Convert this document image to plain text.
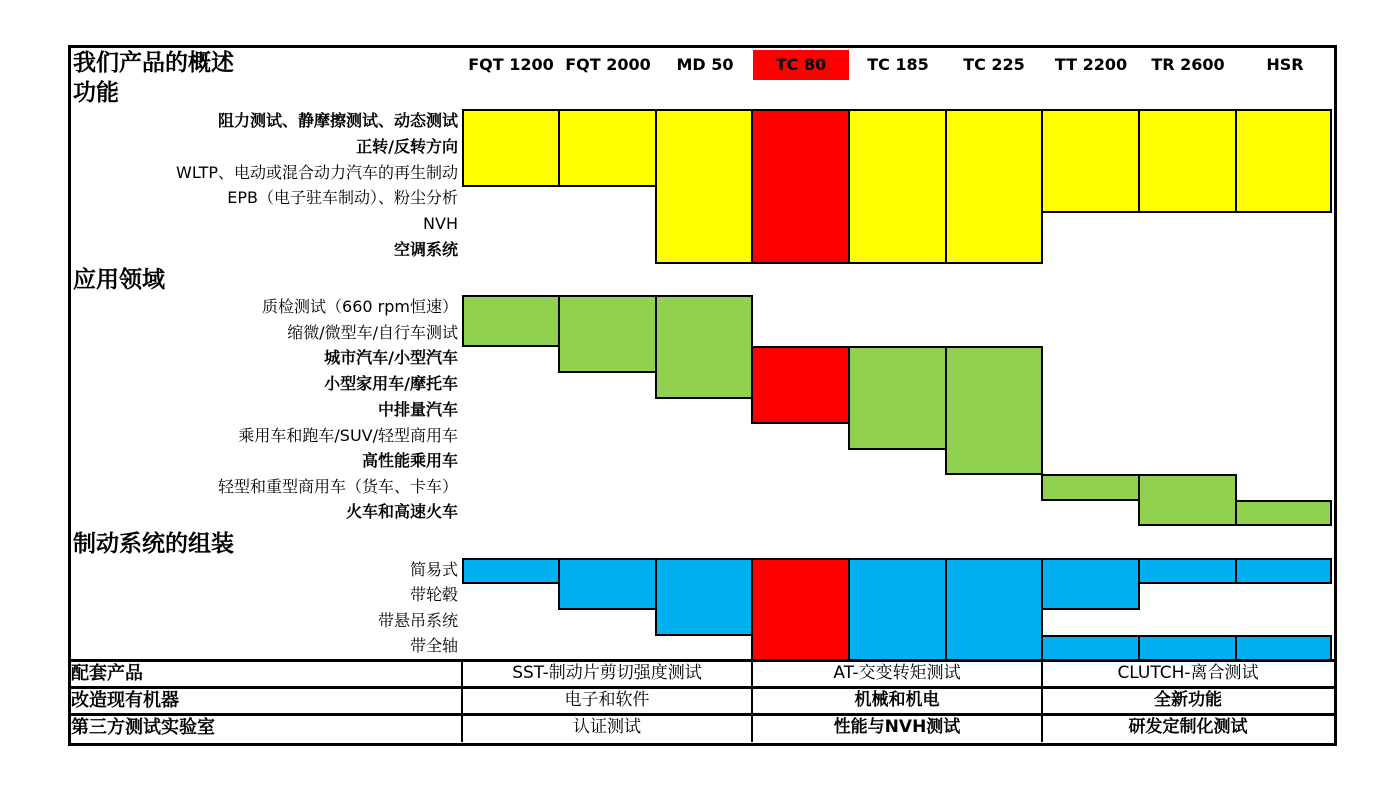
我们产品的概述
功能
应用领域
制动系统的组装
FQT 1200 FQT 2000	MD 50	TC 80	TC 185	TC 225	TT 2200	TR 2600	HSR
阻力测试、静摩擦测试、动态测试
正转/反转方向
WLTP、电动或混合动力汽车的再生制动
EPB（电子驻车制动）、粉尘分析
NVH
空调系统
质检测试（660 rpm恒速）
缩微/微型车/自行车测试
城市汽车/小型汽车
小型家用车/摩托车
中排量汽车
乘用车和跑车/SUV/轻型商用车
高性能乘用车
轻型和重型商用车（货车、卡车）
火车和高速火车
简易式
带轮毂
带悬吊系统
带全轴
配套产品	SST-制动片剪切强度测试	AT-交变转矩测试	CLUTCH-离合测试
改造现有机器	电子和软件	机械和机电	全新功能
第三方测试实验室	认证测试	性能与NVH测试	研发定制化测试
